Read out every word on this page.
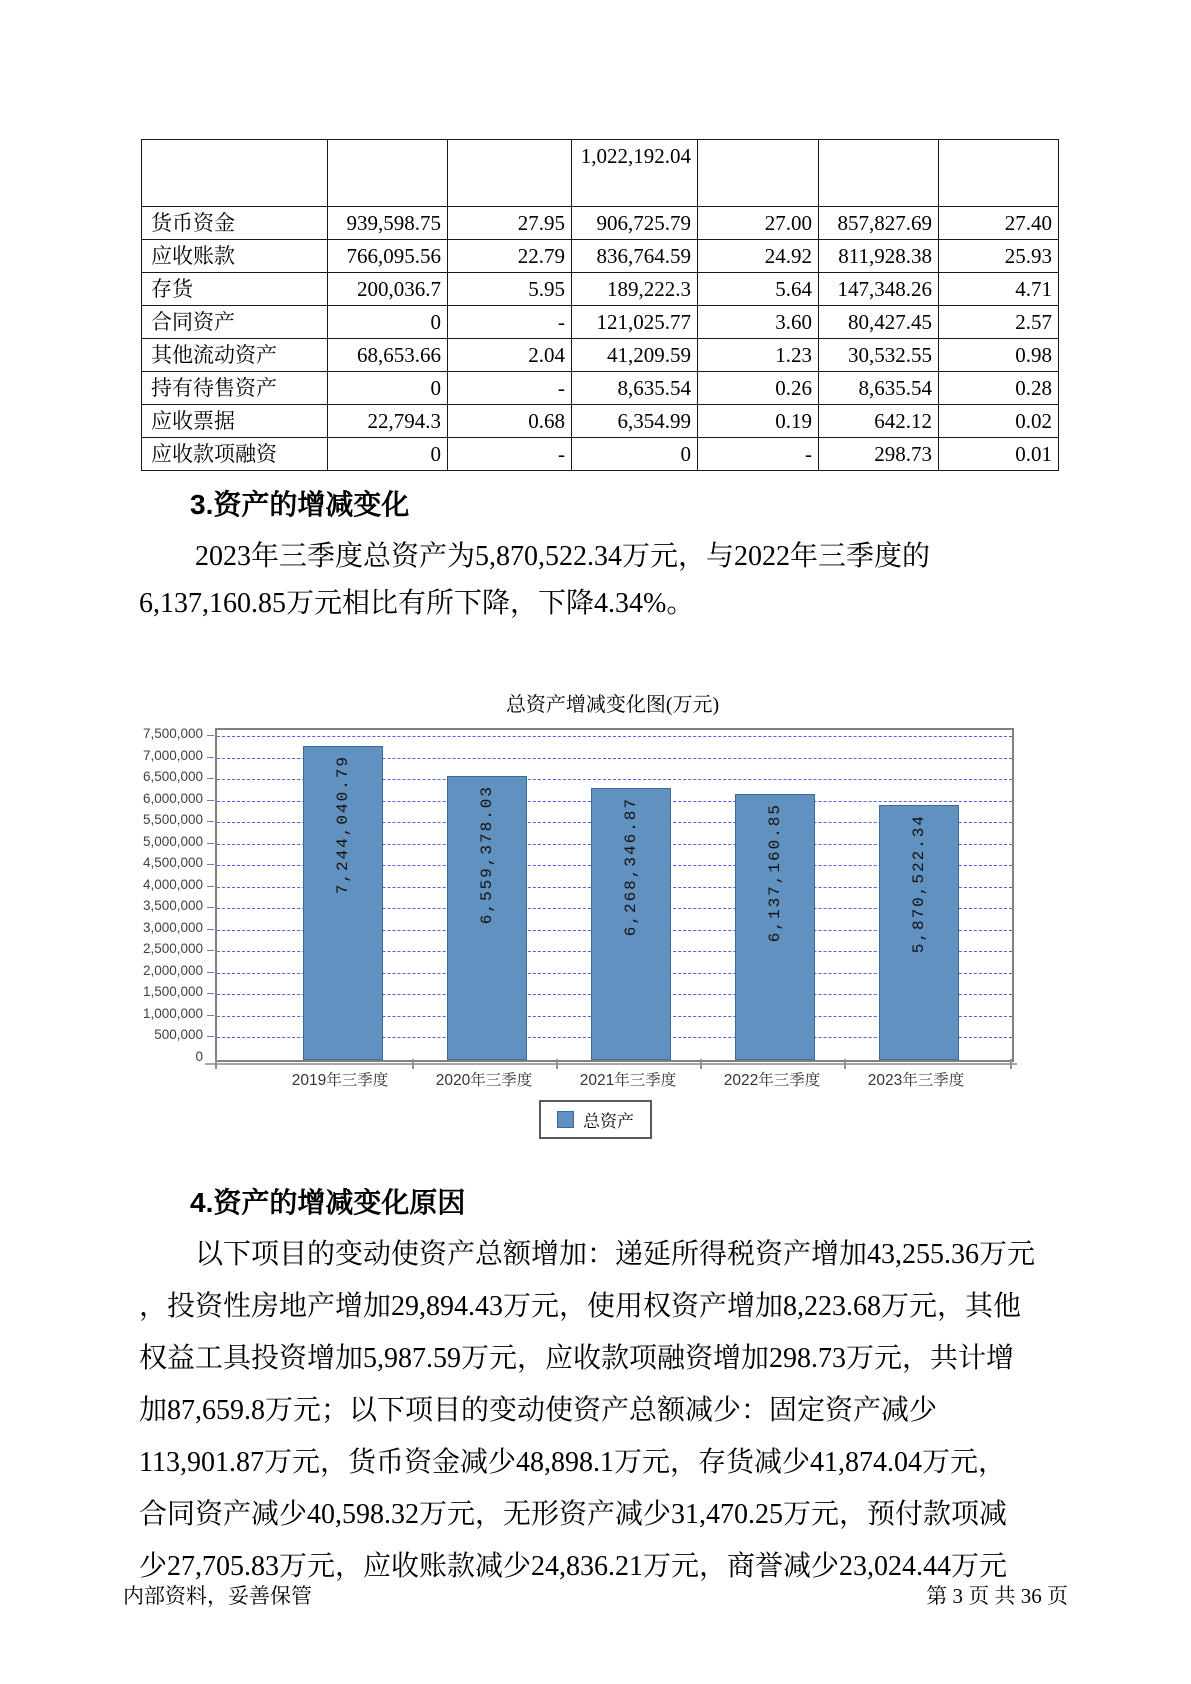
			1,022,192.04			
货币资金	939,598.75	27.95	906,725.79	27.00	857,827.69	27.40
应收账款	766,095.56	22.79	836,764.59	24.92	811,928.38	25.93
存货	200,036.7	5.95	189,222.3	5.64	147,348.26	4.71
合同资产	0	-	121,025.77	3.60	80,427.45	2.57
其他流动资产	68,653.66	2.04	41,209.59	1.23	30,532.55	0.98
持有待售资产	0	-	8,635.54	0.26	8,635.54	0.28
应收票据	22,794.3	0.68	6,354.99	0.19	642.12	0.02
应收款项融资	0	-	0	-	298.73	0.01
3.资产的增减变化
2023年三季度总资产为5,870,522.34万元，与2022年三季度的
6,137,160.85万元相比有所下降，下降4.34%。
总资产增减变化图(万元)
7,244,040.79	6,559,378.03	6,268,346.87	6,137,160.85	5,870,522.34
0
500,000
1,000,000
1,500,000
2,000,000
2,500,000
3,000,000
3,500,000
4,000,000
4,500,000
5,000,000
5,500,000
6,000,000
6,500,000
7,000,000
7,500,000
2019年三季度	2020年三季度	2021年三季度	2022年三季度	2023年三季度
总资产
4.资产的增减变化原因
以下项目的变动使资产总额增加：递延所得税资产增加43,255.36万元
，投资性房地产增加29,894.43万元，使用权资产增加8,223.68万元，其他
权益工具投资增加5,987.59万元，应收款项融资增加298.73万元，共计增
加87,659.8万元；以下项目的变动使资产总额减少：固定资产减少
113,901.87万元，货币资金减少48,898.1万元，存货减少41,874.04万元，
合同资产减少40,598.32万元，无形资产减少31,470.25万元，预付款项减
少27,705.83万元，应收账款减少24,836.21万元，商誉减少23,024.44万元
内部资料，妥善保管	第 3 页 共 36 页
